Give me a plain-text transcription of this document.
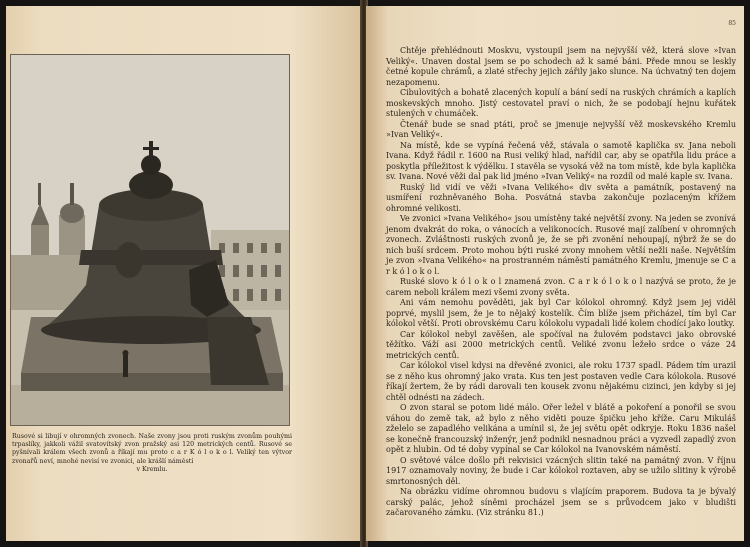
Rusové si libují v ohromných zvonech. Naše zvony jsou proti ruským zvonům pouhými trpaslíky, jakkoli vážil svatovítský zvon pražský asi 120 metrických centů. Rusové se pyšnívali králem všech zvonů a říkají mu proto c a r K ó l o k o l. Veliký ten výtvor zvonařů neví, mnohé nevisí ve zvonici, ale krášlí náměstí
v Kremlu.

85

Chtěje přehlédnouti Moskvu, vystoupil jsem na nejvyšší věž, která slove »Ivan Veliký«. Unaven dostal jsem se po schodech až k samé báni. Přede mnou se leskly četné kopule chrámů, a zlaté střechy jejich zářily jako slunce. Na úchvatný ten dojem nezapomenu.

Cibulovitých a bohatě zlacených kopulí a bání sedí na ruských chrámích a kaplích moskevských mnoho. Jistý cestovatel praví o nich, že se podobají hejnu kuřátek stulených v chumáček.

Čtenář bude se snad ptáti, proč se jmenuje nejvyšší věž moskevského Kremlu »Ivan Veliký«.

Na místě, kde se vypíná řečená věž, stávala o samotě kaplička sv. Jana neboli Ivana. Když řádil r. 1600 na Rusi veliký hlad, nařídil car, aby se opatřila lidu práce a poskytla příležitost k výdělku. I stavěla se vysoká věž na tom místě, kde byla kaplička sv. Ivana. Nové věži dal pak lid jméno »Ivan Veliký« na rozdíl od malé kaple sv. Ivana.

Ruský lid vidí ve věži »Ivana Velikého« div světa a památník, postavený na usmíření rozhněvaného Boha. Posvátná stavba zakončuje pozlaceným křížem ohromné velikosti.

Ve zvonici »Ivana Velikého« jsou umístěny také největší zvony. Na jeden se zvonívá jenom dvakrát do roka, o vánocích a velikonocích. Rusové mají zalíbení v ohromných zvonech. Zvláštnosti ruských zvonů je, že se při zvonění nehoupají, nýbrž že se do nich buší srdcem. Proto mohou býti ruské zvony mnohem větší nežli naše. Největším je zvon »Ivana Velikého« na prostranném náměstí památného Kremlu, jmenuje se C a r k ó l o k o l.

Ruské slovo k ó l o k o l znamená zvon. C a r k ó l o k o l nazývá se proto, že je carem neboli králem mezi všemi zvony světa.

Ani vám nemohu pověděti, jak byl Car kólokol ohromný. Když jsem jej viděl poprvé, myslil jsem, že je to nějaký kostelík. Čím blíže jsem přicházel, tím byl Car kólokol větší. Proti obrovskému Caru kólokolu vypadali lidé kolem chodící jako loutky.

Car kólokol nebyl zavěšen, ale spočíval na žulovém podstavci jako obrovské těžítko. Váží asi 2000 metrických centů. Veliké zvonu ležeło srdce o váze 24 metrických centů.

Car kólokol visel kdysi na dřevěné zvonici, ale roku 1737 spadl. Pádem tím urazil se z něho kus ohromný jako vrata. Kus ten jest postaven vedle Cara kólokola. Rusové říkají žertem, že by rádi darovali ten kousek zvonu nějakému cizinci, jen kdyby si jej chtěl odnésti na zádech.

O zvon staral se potom lidé málo. Ořer ležel v blátě a pokoření a ponořil se svou váhou do země tak, až bylo z něho viděti pouze špičku jeho kříže. Caru Mikuláš zželelo se zapadlého velikána a umínil si, že jej světu opět odkryje. Roku 1836 našel se konečně francouzský inženýr, jenž podnikl nesnadnou práci a vyzvedl zapadlý zvon opět z hlubin. Od té doby vypínal se Car kólokol na Ivanovském náměstí.

O světové válce došlo při rekvisici vzácných slitin také na památný zvon. V říjnu 1917 oznamovaly noviny, že bude i Car kólokol roztaven, aby se užilo slitiny k výrobě smrtonosných děl.

Na obrázku vidíme ohromnou budovu s vlajícím praporem. Budova ta je bývalý carský palác, jehož síněmi procházel jsem se s průvodcem jako v bludišti začarovaného zámku. (Viz stránku 81.)
